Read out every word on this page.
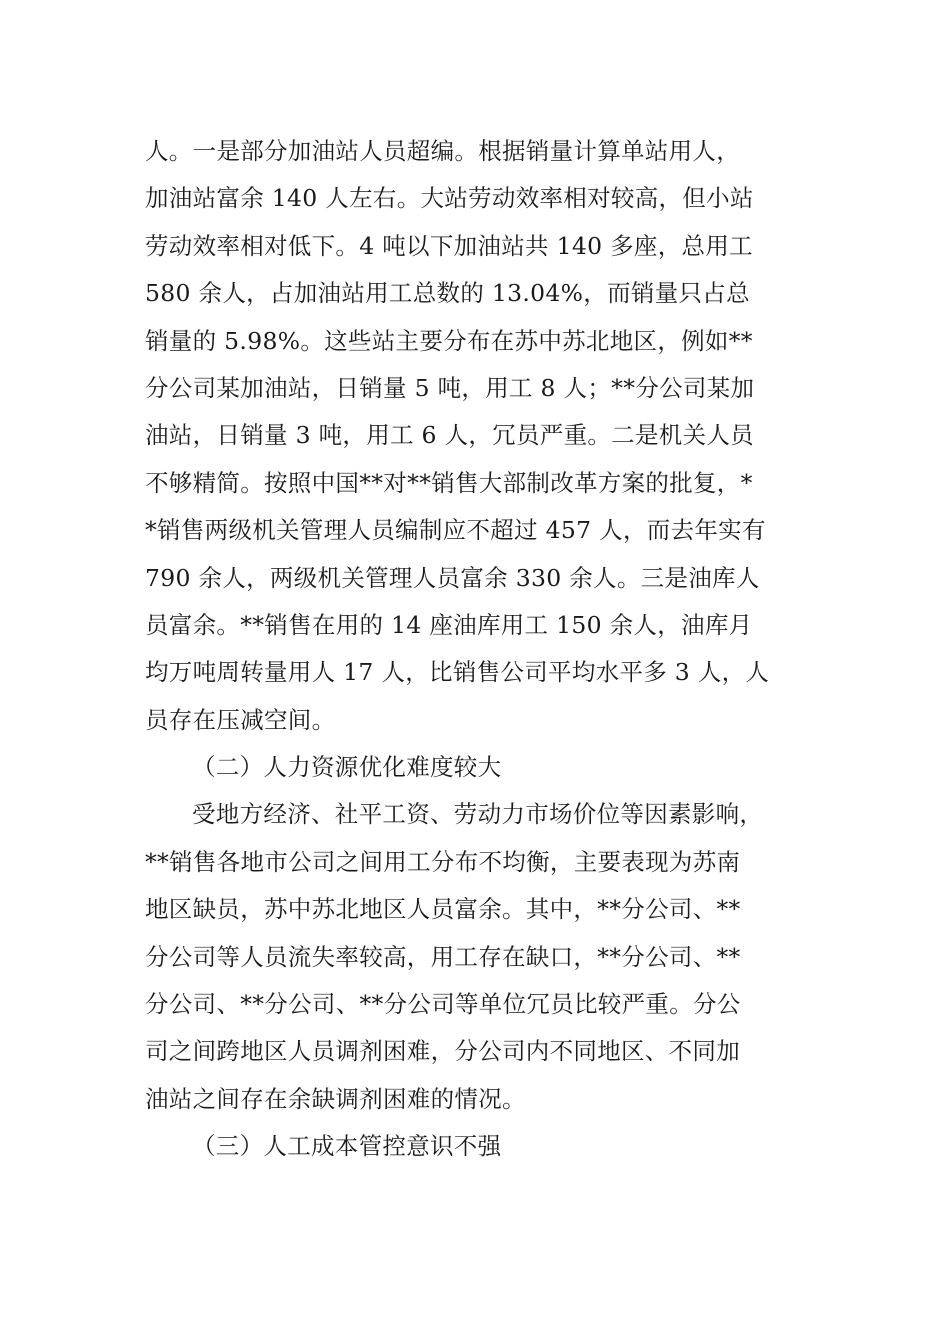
人。一是部分加油站人员超编。根据销量计算单站用人，
加油站富余 140 人左右。大站劳动效率相对较高，但小站
劳动效率相对低下。4 吨以下加油站共 140 多座，总用工
580 余人，占加油站用工总数的 13.04%，而销量只占总
销量的 5.98%。这些站主要分布在苏中苏北地区，例如**
分公司某加油站，日销量 5 吨，用工 8 人；**分公司某加
油站，日销量 3 吨，用工 6 人，冗员严重。二是机关人员
不够精简。按照中国**对**销售大部制改革方案的批复，*
*销售两级机关管理人员编制应不超过 457 人，而去年实有
790 余人，两级机关管理人员富余 330 余人。三是油库人
员富余。**销售在用的 14 座油库用工 150 余人，油库月
均万吨周转量用人 17 人，比销售公司平均水平多 3 人，人
员存在压减空间。
（二）人力资源优化难度较大
受地方经济、社平工资、劳动力市场价位等因素影响，
**销售各地市公司之间用工分布不均衡，主要表现为苏南
地区缺员，苏中苏北地区人员富余。其中，**分公司、**
分公司等人员流失率较高，用工存在缺口，**分公司、**
分公司、**分公司、**分公司等单位冗员比较严重。分公
司之间跨地区人员调剂困难，分公司内不同地区、不同加
油站之间存在余缺调剂困难的情况。
（三）人工成本管控意识不强
